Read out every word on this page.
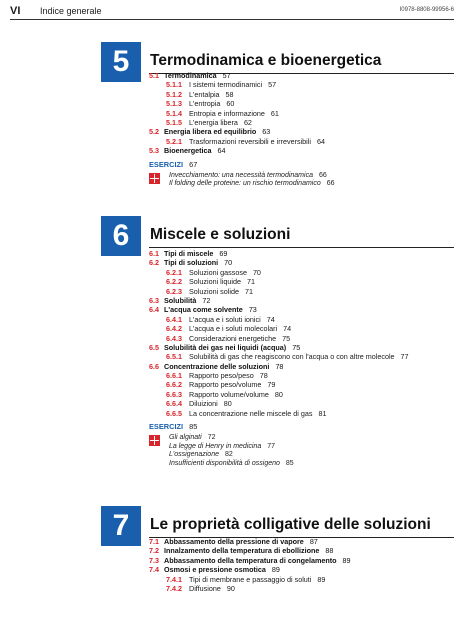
VI Indice generale	I0978-8808-99956-6
5	Termodinamica e bioenergetica
5.1 Termodinamica 57
5.1.1 I sistemi termodinamici 57
5.1.2 L'entalpia 58
5.1.3 L'entropia 60
5.1.4 Entropia e informazione 61
5.1.5 L'energia libera 62
5.2 Energia libera ed equilibrio 63
5.2.1 Trasformazioni reversibili e irreversibili 64
5.3 Bioenergetica 64
ESERCIZI 67
Invecchiamento: una necessità termodinamica 66
Il folding delle proteine: un rischio termodinamico 66
6	Miscele e soluzioni
6.1 Tipi di miscele 69
6.2 Tipi di soluzioni 70
6.2.1 Soluzioni gassose 70
6.2.2 Soluzioni liquide 71
6.2.3 Soluzioni solide 71
6.3 Solubilità 72
6.4 L'acqua come solvente 73
6.4.1 L'acqua e i soluti ionici 74
6.4.2 L'acqua e i soluti molecolari 74
6.4.3 Considerazioni energetiche 75
6.5 Solubilità dei gas nei liquidi (acqua) 75
6.5.1 Solubilità di gas che reagiscono con l'acqua o con altre molecole 77
6.6 Concentrazione delle soluzioni 78
6.6.1 Rapporto peso/peso 78
6.6.2 Rapporto peso/volume 79
6.6.3 Rapporto volume/volume 80
6.6.4 Diluizioni 80
6.6.5 La concentrazione nelle miscele di gas 81
ESERCIZI 85
Gli alginati 72
La legge di Henry in medicina 77
L'ossigenazione 82
Insufficienti disponibilità di ossigeno 85
7	Le proprietà colligative delle soluzioni
7.1 Abbassamento della pressione di vapore 87
7.2 Innalzamento della temperatura di ebollizione 88
7.3 Abbassamento della temperatura di congelamento 89
7.4 Osmosi e pressione osmotica 89
7.4.1 Tipi di membrane e passaggio di soluti 89
7.4.2 Diffusione 90
